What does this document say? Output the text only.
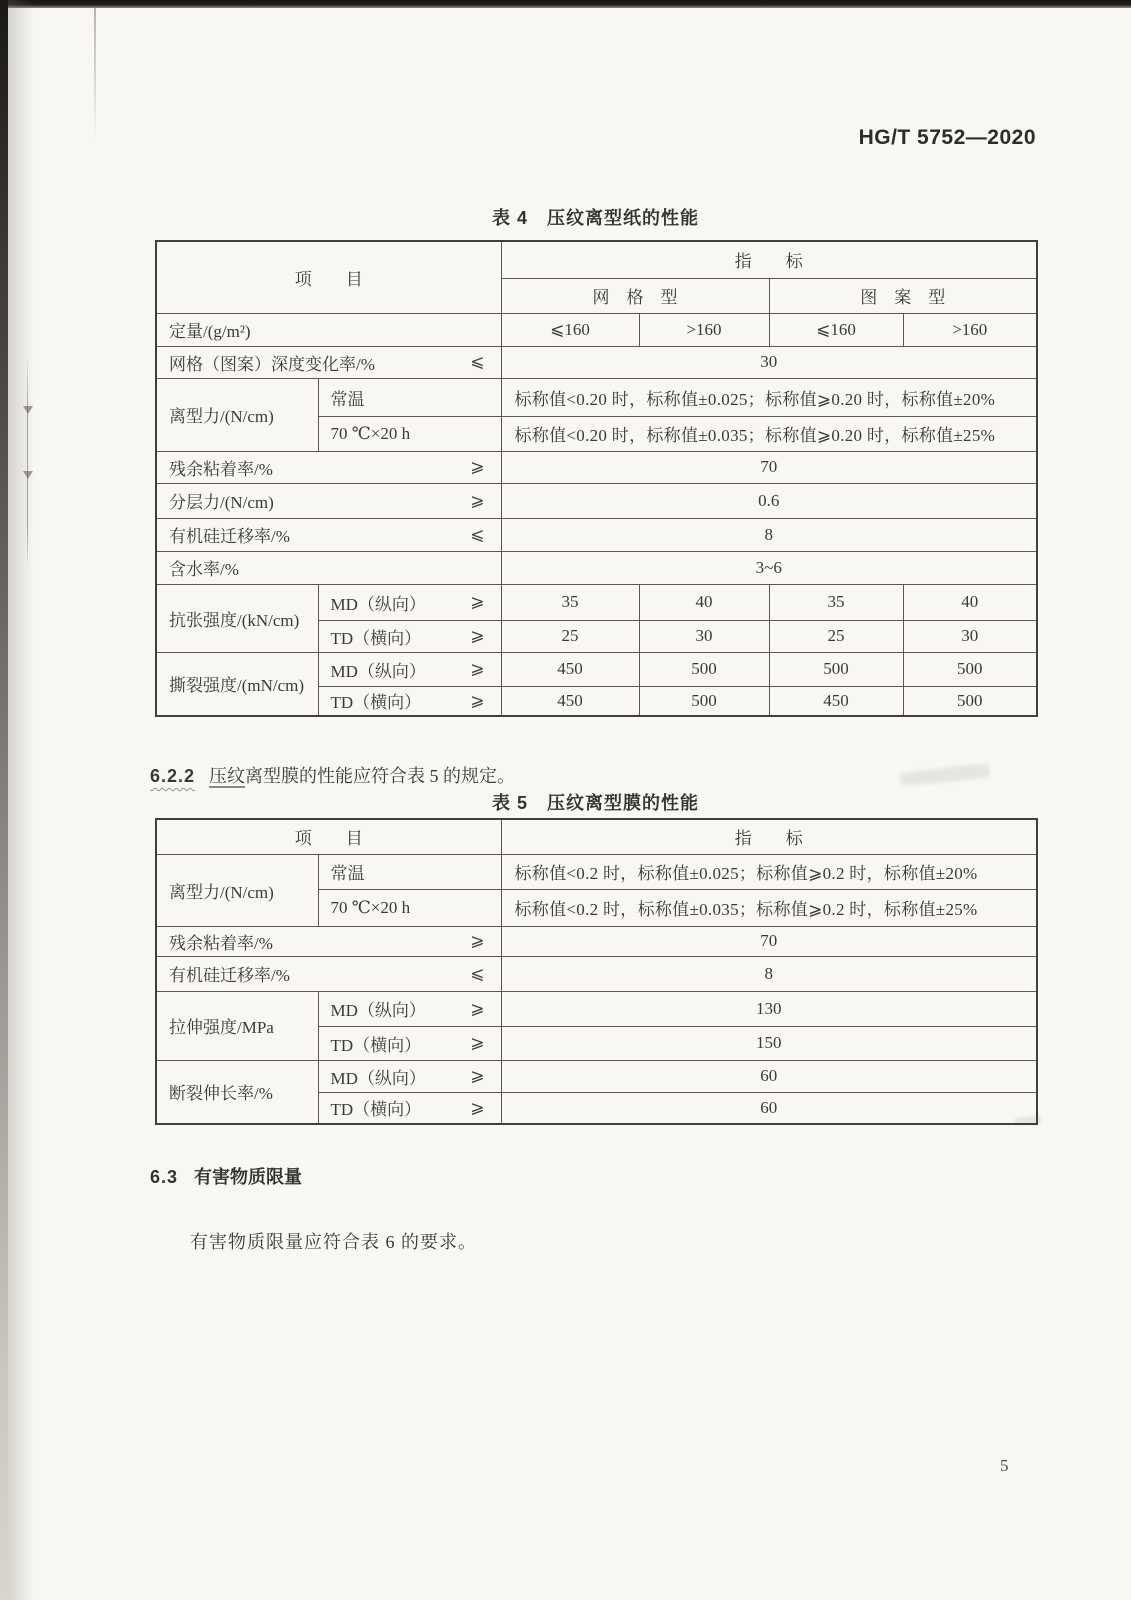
HG/T 5752—2020
表 4　压纹离型纸的性能
项　　目		指　　标			
		网　格　型		图　案　型	

定量/(g/m²)		⩽160	>160	⩽160	>160

网格（图案）深度变化率/% ⩽		30			

离型力/(N/cm)	常温	标称值<0.20 时，标称值±0.025；标称值⩾0.20 时，标称值±20%			

	70 ℃×20 h	标称值<0.20 时，标称值±0.035；标称值⩾0.20 时，标称值±25%			

残余粘着率/% ⩾		70			

分层力/(N/cm) ⩾		0.6			

有机硅迁移率/% ⩽		8			

含水率/%		3~6			

抗张强度/(kN/cm)	MD（纵向） ⩾	35	40	35	40

	TD（横向） ⩾	25	30	25	30

撕裂强度/(mN/cm)	MD（纵向） ⩾	450	500	500	500

	TD（横向） ⩾	450	500	450	500

6.2.2 压纹离型膜的性能应符合表 5 的规定。

表 5　压纹离型膜的性能
项　　目		指　　标

离型力/(N/cm)	常温	标称值<0.2 时，标称值±0.025；标称值⩾0.2 时，标称值±20%

	70 ℃×20 h	标称值<0.2 时，标称值±0.035；标称值⩾0.2 时，标称值±25%

残余粘着率/% ⩾		70

有机硅迁移率/% ⩽		8

拉伸强度/MPa	MD（纵向） ⩾	130

	TD（横向） ⩾	150

断裂伸长率/%	MD（纵向） ⩾	60

	TD（横向） ⩾	60
6.3 有害物质限量

有害物质限量应符合表 6 的要求。

5
